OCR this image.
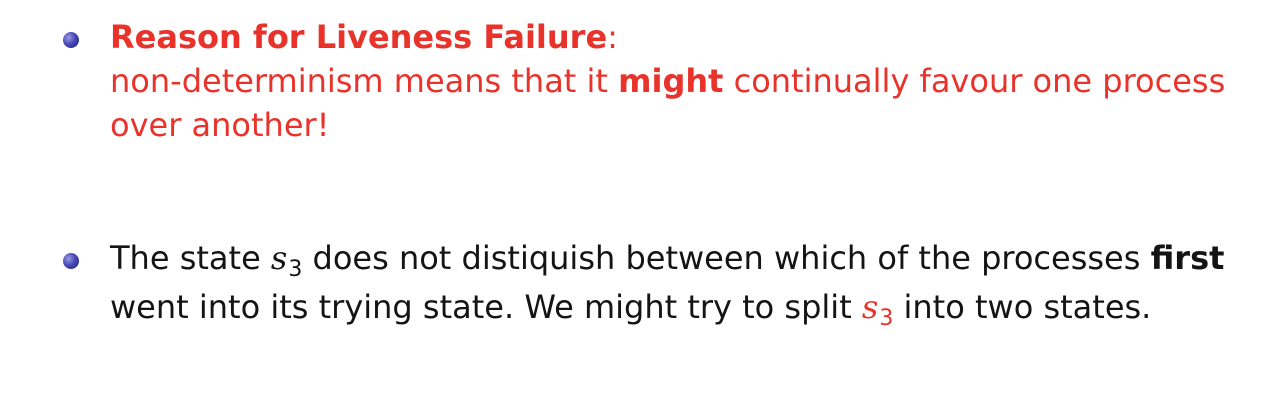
Reason for Liveness Failure:
non-determinism means that it might continually favour one process over another!
The state $s_3$ does not distiquish between which of the processes first went into its trying state. We might try to split $s_3$ into two states.
